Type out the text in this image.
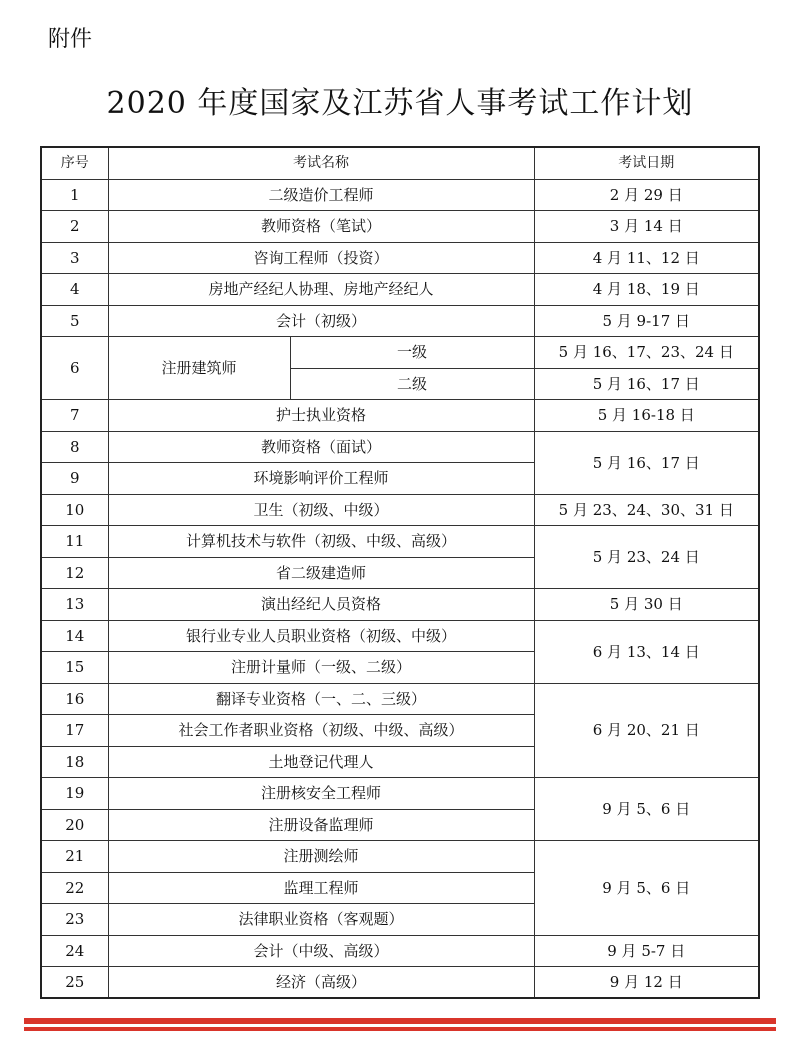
附件
2020 年度国家及江苏省人事考试工作计划
序号	考试名称		考试日期
1	二级造价工程师		2 月 29 日
2	教师资格（笔试）		3 月 14 日
3	咨询工程师（投资）		4 月 11、12 日
4	房地产经纪人协理、房地产经纪人		4 月 18、19 日
5	会计（初级）		5 月 9-17 日
6	注册建筑师	一级	5 月 16、17、23、24 日
		二级	5 月 16、17 日
7	护士执业资格		5 月 16-18 日
8	教师资格（面试）		5 月 16、17 日
9	环境影响评价工程师		
10	卫生（初级、中级）		5 月 23、24、30、31 日
11	计算机技术与软件（初级、中级、高级）		5 月 23、24 日
12	省二级建造师		
13	演出经纪人员资格		5 月 30 日
14	银行业专业人员职业资格（初级、中级）		6 月 13、14 日
15	注册计量师（一级、二级）		
16	翻译专业资格（一、二、三级）		6 月 20、21 日
17	社会工作者职业资格（初级、中级、高级）		
18	土地登记代理人		
19	注册核安全工程师		9 月 5、6 日
20	注册设备监理师		
21	注册测绘师		9 月 5、6 日
22	监理工程师		
23	法律职业资格（客观题）		
24	会计（中级、高级）		9 月 5-7 日
25	经济（高级）		9 月 12 日
